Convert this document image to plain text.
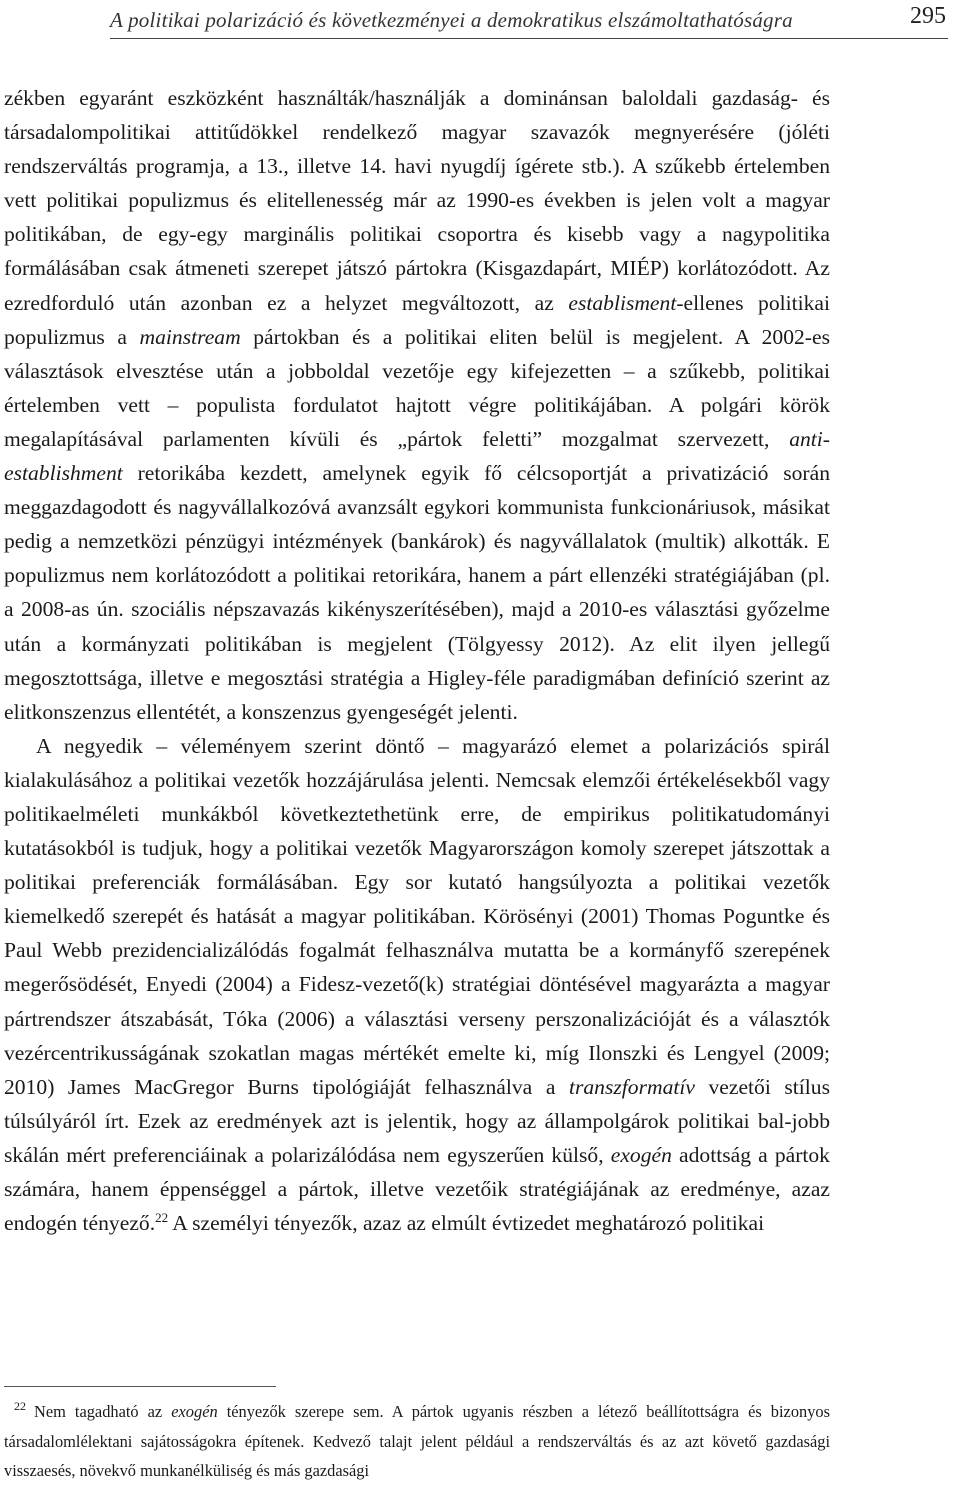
A politikai polarizáció és következményei a demokratikus elszámoltathatóságra	295

zékben egyaránt eszközként használták/használják a dominánsan baloldali gazdaság- és társadalompolitikai attitűdökkel rendelkező magyar szavazók megnyerésére (jóléti rendszerváltás programja, a 13., illetve 14. havi nyugdíj ígérete stb.). A szűkebb értelemben vett politikai populizmus és elitellenesség már az 1990-es években is jelen volt a magyar politikában, de egy-egy marginális politikai csoportra és kisebb vagy a nagypolitika formálásában csak átmeneti szerepet játszó pártokra (Kisgazdapárt, MIÉP) korlátozódott. Az ezredforduló után azonban ez a helyzet megváltozott, az establisment-ellenes politikai populizmus a mainstream pártokban és a politikai eliten belül is megjelent. A 2002-es választások elvesztése után a jobboldal vezetője egy kifejezetten – a szűkebb, politikai értelemben vett – populista fordulatot hajtott végre politikájában. A polgári körök megalapításával parlamenten kívüli és „pártok feletti” mozgalmat szervezett, anti-establishment retorikába kezdett, amelynek egyik fő célcsoportját a privatizáció során meggazdagodott és nagyvállalkozóvá avanzsált egykori kommunista funkcionáriusok, másikat pedig a nemzetközi pénzügyi intézmények (bankárok) és nagyvállalatok (multik) alkották. E populizmus nem korlátozódott a politikai retorikára, hanem a párt ellenzéki stratégiájában (pl. a 2008-as ún. szociális népszavazás kikényszerítésében), majd a 2010-es választási győzelme után a kormányzati politikában is megjelent (Tölgyessy 2012). Az elit ilyen jellegű megosztottsága, illetve e megosztási stratégia a Higley-féle paradigmában definíció szerint az elitkonszenzus ellentétét, a konszenzus gyengeségét jelenti.

A negyedik – véleményem szerint döntő – magyarázó elemet a polarizációs spirál kialakulásához a politikai vezetők hozzájárulása jelenti. Nemcsak elemzői értékelésekből vagy politikaelméleti munkákból következtethetünk erre, de empirikus politikatudományi kutatásokból is tudjuk, hogy a politikai vezetők Magyarországon komoly szerepet játszottak a politikai preferenciák formálásában. Egy sor kutató hangsúlyozta a politikai vezetők kiemelkedő szerepét és hatását a magyar politikában. Körösényi (2001) Thomas Poguntke és Paul Webb prezidencializálódás fogalmát felhasználva mutatta be a kormányfő szerepének megerősödését, Enyedi (2004) a Fidesz-vezető(k) stratégiai döntésével magyarázta a magyar pártrendszer átszabását, Tóka (2006) a választási verseny perszonalizációját és a választók vezércentrikusságának szokatlan magas mértékét emelte ki, míg Ilonszki és Lengyel (2009; 2010) James MacGregor Burns tipológiáját felhasználva a transzformatív vezetői stílus túlsúlyáról írt. Ezek az eredmények azt is jelentik, hogy az állampolgárok politikai bal-jobb skálán mért preferenciáinak a polarizálódása nem egyszerűen külső, exogén adottság a pártok számára, hanem éppenséggel a pártok, illetve vezetőik stratégiájának az eredménye, azaz endogén tényező.$^{22}$ A személyi tényezők, azaz az elmúlt évtizedet meghatározó politikai

$^{22}$ Nem tagadható az exogén tényezők szerepe sem. A pártok ugyanis részben a létező beállítottságra és bizonyos társadalomlélektani sajátosságokra építenek. Kedvező talajt jelent például a rendszerváltás és az azt követő gazdasági visszaesés, növekvő munkanélküliség és más gazdasági
